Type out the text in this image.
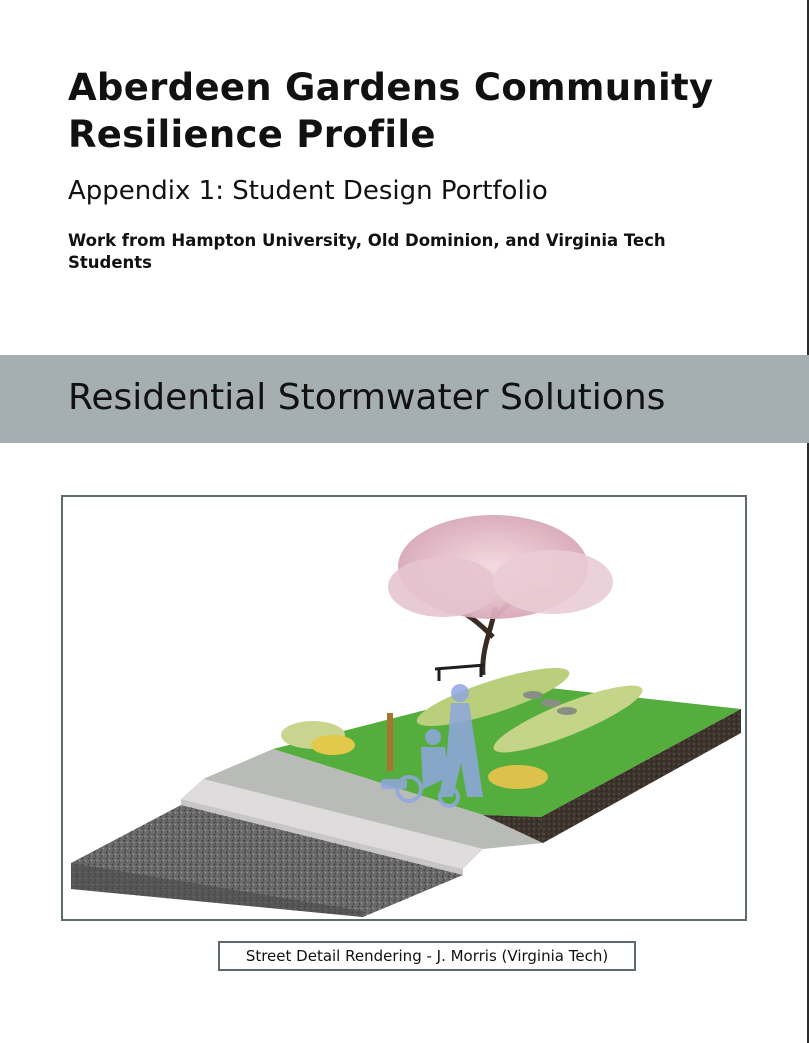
Aberdeen Gardens Community Resilience Profile
Appendix 1: Student Design Portfolio

Work from Hampton University, Old Dominion, and Virginia Tech Students

Residential Stormwater Solutions
Street Detail Rendering - J. Morris (Virginia Tech)
